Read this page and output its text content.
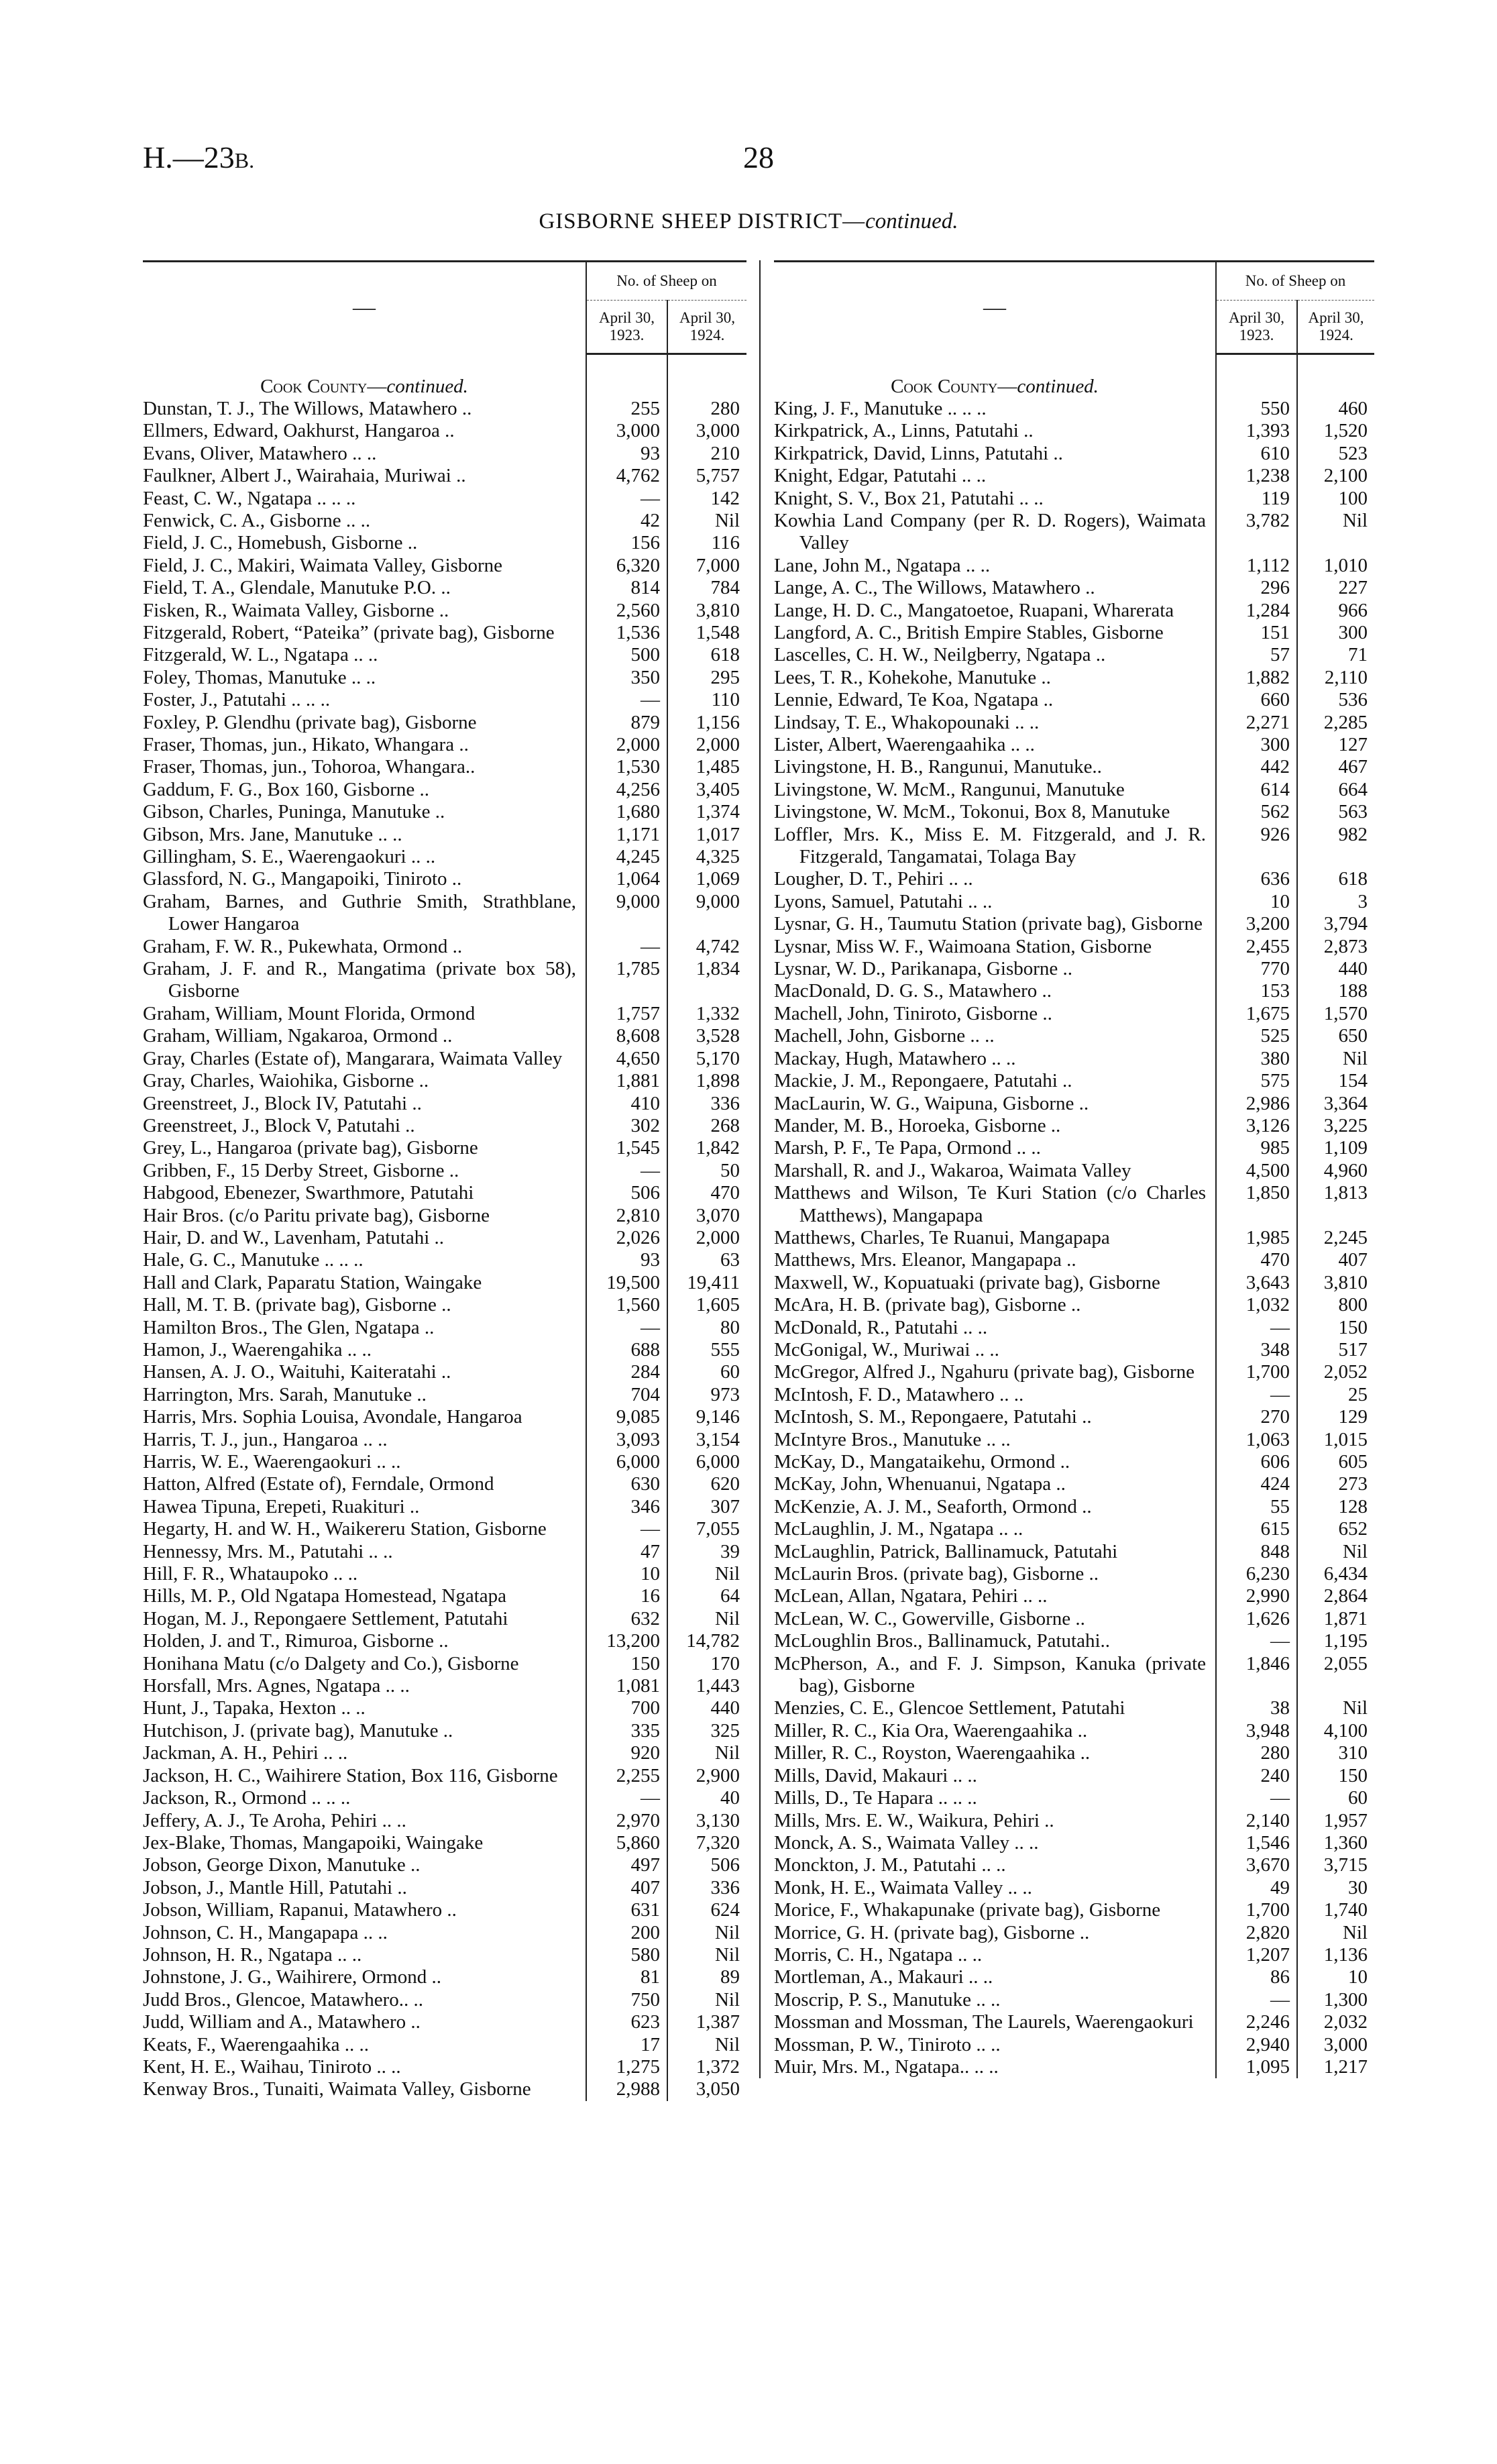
H.—23B.	28
GISBORNE SHEEP DISTRICT—continued.
—	No. of Sheep on	
	April 30, 1923.	April 30, 1924.
Cook County—continued.		
Dunstan, T. J., The Willows, Matawhero ..	255	280
Ellmers, Edward, Oakhurst, Hangaroa ..	3,000	3,000
Evans, Oliver, Matawhero .. ..	93	210
Faulkner, Albert J., Wairahaia, Muriwai ..	4,762	5,757
Feast, C. W., Ngatapa .. .. ..	—	142
Fenwick, C. A., Gisborne .. ..	42	Nil
Field, J. C., Homebush, Gisborne ..	156	116
Field, J. C., Makiri, Waimata Valley, Gisborne	6,320	7,000
Field, T. A., Glendale, Manutuke P.O. ..	814	784
Fisken, R., Waimata Valley, Gisborne ..	2,560	3,810
Fitzgerald, Robert, “Pateika” (private bag), Gisborne	1,536	1,548
Fitzgerald, W. L., Ngatapa .. ..	500	618
Foley, Thomas, Manutuke .. ..	350	295
Foster, J., Patutahi .. .. ..	—	110
Foxley, P. Glendhu (private bag), Gisborne	879	1,156
Fraser, Thomas, jun., Hikato, Whangara ..	2,000	2,000
Fraser, Thomas, jun., Tohoroa, Whangara..	1,530	1,485
Gaddum, F. G., Box 160, Gisborne ..	4,256	3,405
Gibson, Charles, Puninga, Manutuke ..	1,680	1,374
Gibson, Mrs. Jane, Manutuke .. ..	1,171	1,017
Gillingham, S. E., Waerengaokuri .. ..	4,245	4,325
Glassford, N. G., Mangapoiki, Tiniroto ..	1,064	1,069
Graham, Barnes, and Guthrie Smith, Strathblane, Lower Hangaroa	9,000	9,000
Graham, F. W. R., Pukewhata, Ormond ..	—	4,742
Graham, J. F. and R., Mangatima (private box 58), Gisborne	1,785	1,834
Graham, William, Mount Florida, Ormond	1,757	1,332
Graham, William, Ngakaroa, Ormond ..	8,608	3,528
Gray, Charles (Estate of), Mangarara, Waimata Valley	4,650	5,170
Gray, Charles, Waiohika, Gisborne ..	1,881	1,898
Greenstreet, J., Block IV, Patutahi ..	410	336
Greenstreet, J., Block V, Patutahi ..	302	268
Grey, L., Hangaroa (private bag), Gisborne	1,545	1,842
Gribben, F., 15 Derby Street, Gisborne ..	—	50
Habgood, Ebenezer, Swarthmore, Patutahi	506	470
Hair Bros. (c/o Paritu private bag), Gisborne	2,810	3,070
Hair, D. and W., Lavenham, Patutahi ..	2,026	2,000
Hale, G. C., Manutuke .. .. ..	93	63
Hall and Clark, Paparatu Station, Waingake	19,500	19,411
Hall, M. T. B. (private bag), Gisborne ..	1,560	1,605
Hamilton Bros., The Glen, Ngatapa ..	—	80
Hamon, J., Waerengahika .. ..	688	555
Hansen, A. J. O., Waituhi, Kaiteratahi ..	284	60
Harrington, Mrs. Sarah, Manutuke ..	704	973
Harris, Mrs. Sophia Louisa, Avondale, Hangaroa	9,085	9,146
Harris, T. J., jun., Hangaroa .. ..	3,093	3,154
Harris, W. E., Waerengaokuri .. ..	6,000	6,000
Hatton, Alfred (Estate of), Ferndale, Ormond	630	620
Hawea Tipuna, Erepeti, Ruakituri ..	346	307
Hegarty, H. and W. H., Waikereru Station, Gisborne	—	7,055
Hennessy, Mrs. M., Patutahi .. ..	47	39
Hill, F. R., Whataupoko .. ..	10	Nil
Hills, M. P., Old Ngatapa Homestead, Ngatapa	16	64
Hogan, M. J., Repongaere Settlement, Patutahi	632	Nil
Holden, J. and T., Rimuroa, Gisborne ..	13,200	14,782
Honihana Matu (c/o Dalgety and Co.), Gisborne	150	170
Horsfall, Mrs. Agnes, Ngatapa .. ..	1,081	1,443
Hunt, J., Tapaka, Hexton .. ..	700	440
Hutchison, J. (private bag), Manutuke ..	335	325
Jackman, A. H., Pehiri .. ..	920	Nil
Jackson, H. C., Waihirere Station, Box 116, Gisborne	2,255	2,900
Jackson, R., Ormond .. .. ..	—	40
Jeffery, A. J., Te Aroha, Pehiri .. ..	2,970	3,130
Jex-Blake, Thomas, Mangapoiki, Waingake	5,860	7,320
Jobson, George Dixon, Manutuke ..	497	506
Jobson, J., Mantle Hill, Patutahi ..	407	336
Jobson, William, Rapanui, Matawhero ..	631	624
Johnson, C. H., Mangapapa .. ..	200	Nil
Johnson, H. R., Ngatapa .. ..	580	Nil
Johnstone, J. G., Waihirere, Ormond ..	81	89
Judd Bros., Glencoe, Matawhero.. ..	750	Nil
Judd, William and A., Matawhero ..	623	1,387
Keats, F., Waerengaahika .. ..	17	Nil
Kent, H. E., Waihau, Tiniroto .. ..	1,275	1,372
Kenway Bros., Tunaiti, Waimata Valley, Gisborne	2,988	3,050
—	No. of Sheep on	
	April 30, 1923.	April 30, 1924.
Cook County—continued.		
King, J. F., Manutuke .. .. ..	550	460
Kirkpatrick, A., Linns, Patutahi ..	1,393	1,520
Kirkpatrick, David, Linns, Patutahi ..	610	523
Knight, Edgar, Patutahi .. ..	1,238	2,100
Knight, S. V., Box 21, Patutahi .. ..	119	100
Kowhia Land Company (per R. D. Rogers), Waimata Valley	3,782	Nil
Lane, John M., Ngatapa .. ..	1,112	1,010
Lange, A. C., The Willows, Matawhero ..	296	227
Lange, H. D. C., Mangatoetoe, Ruapani, Wharerata	1,284	966
Langford, A. C., British Empire Stables, Gisborne	151	300
Lascelles, C. H. W., Neilgberry, Ngatapa ..	57	71
Lees, T. R., Kohekohe, Manutuke ..	1,882	2,110
Lennie, Edward, Te Koa, Ngatapa ..	660	536
Lindsay, T. E., Whakopounaki .. ..	2,271	2,285
Lister, Albert, Waerengaahika .. ..	300	127
Livingstone, H. B., Rangunui, Manutuke..	442	467
Livingstone, W. McM., Rangunui, Manutuke	614	664
Livingstone, W. McM., Tokonui, Box 8, Manutuke	562	563
Loffler, Mrs. K., Miss E. M. Fitzgerald, and J. R. Fitzgerald, Tangamatai, Tolaga Bay	926	982
Lougher, D. T., Pehiri .. ..	636	618
Lyons, Samuel, Patutahi .. ..	10	3
Lysnar, G. H., Taumutu Station (private bag), Gisborne	3,200	3,794
Lysnar, Miss W. F., Waimoana Station, Gisborne	2,455	2,873
Lysnar, W. D., Parikanapa, Gisborne ..	770	440
MacDonald, D. G. S., Matawhero ..	153	188
Machell, John, Tiniroto, Gisborne ..	1,675	1,570
Machell, John, Gisborne .. ..	525	650
Mackay, Hugh, Matawhero .. ..	380	Nil
Mackie, J. M., Repongaere, Patutahi ..	575	154
MacLaurin, W. G., Waipuna, Gisborne ..	2,986	3,364
Mander, M. B., Horoeka, Gisborne ..	3,126	3,225
Marsh, P. F., Te Papa, Ormond .. ..	985	1,109
Marshall, R. and J., Wakaroa, Waimata Valley	4,500	4,960
Matthews and Wilson, Te Kuri Station (c/o Charles Matthews), Mangapapa	1,850	1,813
Matthews, Charles, Te Ruanui, Mangapapa	1,985	2,245
Matthews, Mrs. Eleanor, Mangapapa ..	470	407
Maxwell, W., Kopuatuaki (private bag), Gisborne	3,643	3,810
McAra, H. B. (private bag), Gisborne ..	1,032	800
McDonald, R., Patutahi .. ..	—	150
McGonigal, W., Muriwai .. ..	348	517
McGregor, Alfred J., Ngahuru (private bag), Gisborne	1,700	2,052
McIntosh, F. D., Matawhero .. ..	—	25
McIntosh, S. M., Repongaere, Patutahi ..	270	129
McIntyre Bros., Manutuke .. ..	1,063	1,015
McKay, D., Mangataikehu, Ormond ..	606	605
McKay, John, Whenuanui, Ngatapa ..	424	273
McKenzie, A. J. M., Seaforth, Ormond ..	55	128
McLaughlin, J. M., Ngatapa .. ..	615	652
McLaughlin, Patrick, Ballinamuck, Patutahi	848	Nil
McLaurin Bros. (private bag), Gisborne ..	6,230	6,434
McLean, Allan, Ngatara, Pehiri .. ..	2,990	2,864
McLean, W. C., Gowerville, Gisborne ..	1,626	1,871
McLoughlin Bros., Ballinamuck, Patutahi..	—	1,195
McPherson, A., and F. J. Simpson, Kanuka (private bag), Gisborne	1,846	2,055
Menzies, C. E., Glencoe Settlement, Patutahi	38	Nil
Miller, R. C., Kia Ora, Waerengaahika ..	3,948	4,100
Miller, R. C., Royston, Waerengaahika ..	280	310
Mills, David, Makauri .. ..	240	150
Mills, D., Te Hapara .. .. ..	—	60
Mills, Mrs. E. W., Waikura, Pehiri ..	2,140	1,957
Monck, A. S., Waimata Valley .. ..	1,546	1,360
Monckton, J. M., Patutahi .. ..	3,670	3,715
Monk, H. E., Waimata Valley .. ..	49	30
Morice, F., Whakapunake (private bag), Gisborne	1,700	1,740
Morrice, G. H. (private bag), Gisborne ..	2,820	Nil
Morris, C. H., Ngatapa .. ..	1,207	1,136
Mortleman, A., Makauri .. ..	86	10
Moscrip, P. S., Manutuke .. ..	—	1,300
Mossman and Mossman, The Laurels, Waerengaokuri	2,246	2,032
Mossman, P. W., Tiniroto .. ..	2,940	3,000
Muir, Mrs. M., Ngatapa.. .. ..	1,095	1,217
